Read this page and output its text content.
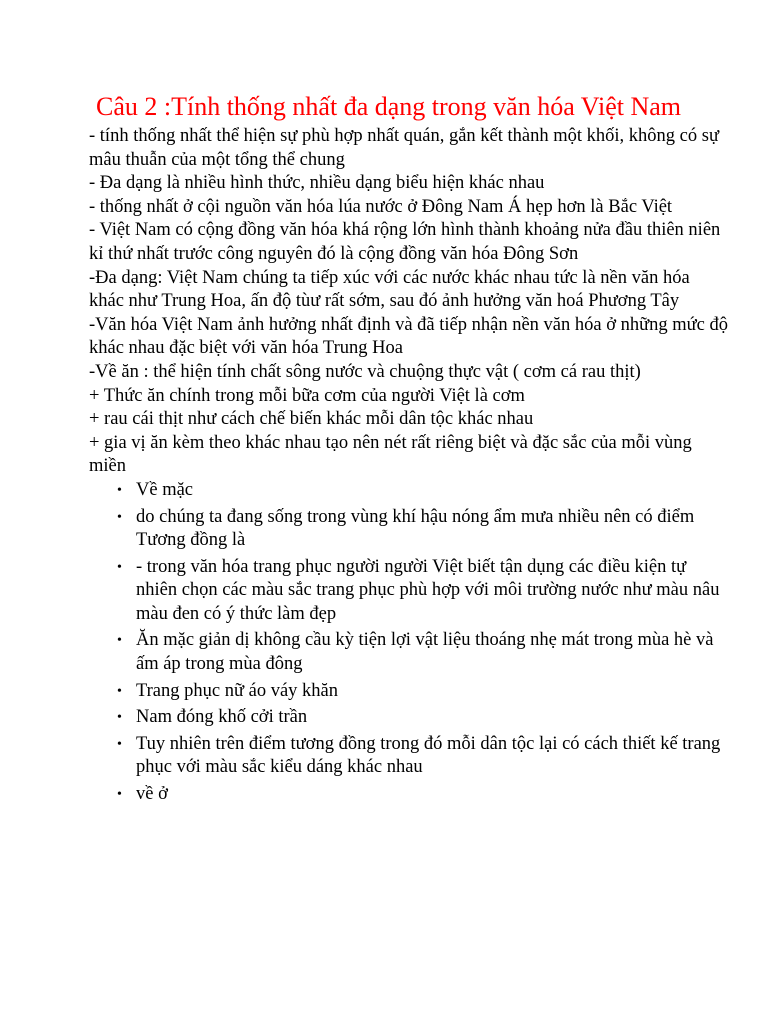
Câu 2 :Tính thống nhất đa dạng trong văn hóa Việt Nam

- tính thống nhất thể hiện sự phù hợp nhất quán, gắn kết thành một khối, không có sự mâu thuẫn của một tổng thể chung

- Đa dạng là nhiều hình thức, nhiều dạng biểu hiện khác nhau

- thống nhất ở cội nguồn văn hóa lúa nước ở Đông Nam Á hẹp hơn là Bắc Việt

- Việt Nam có cộng đồng văn hóa khá rộng lớn hình thành khoảng nửa đầu thiên niên kỉ thứ nhất trước công nguyên đó là cộng đồng văn hóa Đông Sơn

-Đa dạng: Việt Nam chúng ta tiếp xúc với các nước khác nhau tức là nền văn hóa khác như Trung Hoa, ấn độ tùư rất sớm, sau đó ảnh hưởng văn hoá Phương Tây

-Văn hóa Việt Nam ảnh hưởng nhất định và đã tiếp nhận nền văn hóa ở những mức độ khác nhau đặc biệt với văn hóa Trung Hoa

-Về ăn : thể hiện tính chất sông nước và chuộng thực vật ( cơm cá rau thịt)

+ Thức ăn chính trong mỗi bữa cơm của người Việt là cơm

+ rau cái thịt như cách chế biến khác mỗi dân tộc khác nhau

+ gia vị ăn kèm theo khác nhau tạo nên nét rất riêng biệt và đặc sắc của mỗi vùng miền

• Về mặc
• do chúng ta đang sống trong vùng khí hậu nóng ẩm mưa nhiều nên có điểm Tương đồng là
• - trong văn hóa trang phục người người Việt biết tận dụng các điều kiện tự nhiên chọn các màu sắc trang phục phù hợp với môi trường nước như màu nâu màu đen có ý thức làm đẹp
• Ăn mặc giản dị không cầu kỳ tiện lợi vật liệu thoáng nhẹ mát trong mùa hè và ấm áp trong mùa đông
• Trang phục nữ áo váy khăn
• Nam đóng khố cởi trần
• Tuy nhiên trên điểm tương đồng trong đó mỗi dân tộc lại có cách thiết kế trang phục với màu sắc kiểu dáng khác nhau
• về ở
